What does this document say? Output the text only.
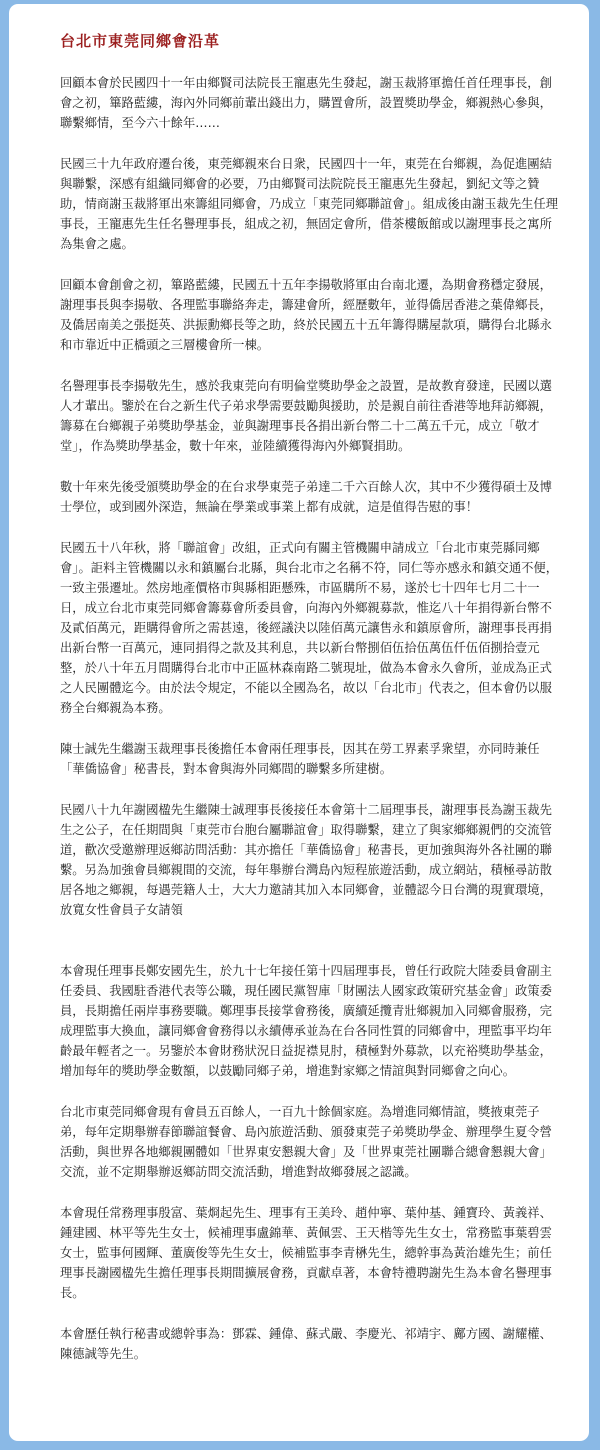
台北市東莞同鄉會沿革

回顧本會於民國四十一年由鄉賢司法院長王寵惠先生發起，謝玉裁將軍擔任首任理事長，創會之初，篳路藍縷，海內外同鄉前輩出錢出力，購置會所，設置獎助學金，鄉親熱心參與，聯繫鄉情，至今六十餘年……

民國三十九年政府遷台後，東莞鄉親來台日衆，民國四十一年，東莞在台鄉親，為促進團結與聯繫，深感有組織同鄉會的必要，乃由鄉賢司法院院長王寵惠先生發起，劉紀文等之贊助，情商謝玉裁將軍出來籌組同鄉會，乃成立「東莞同鄉聯誼會」。組成後由謝玉裁先生任理事長，王寵惠先生任名譽理事長，組成之初，無固定會所，借茶樓飯館或以謝理事長之寓所為集會之處。

回顧本會創會之初，篳路藍縷，民國五十五年李揚敬將軍由台南北遷，為期會務穩定發展，謝理事長與李揚敬、各理監事聯絡奔走，籌建會所，經歷數年，並得僑居香港之葉偉鄉長，及僑居南美之張挺英、洪振勳鄉長等之助，終於民國五十五年籌得購屋款項，購得台北縣永和市靠近中正橋頭之三層樓會所一棟。

名譽理事長李揚敬先生，感於我東莞向有明倫堂獎助學金之設置，是故教育發達，民國以選人才輩出。鑒於在台之新生代子弟求學需要鼓勵與援助，於是親自前往香港等地拜訪鄉親，籌募在台鄉親子弟獎助學基金，並與謝理事長各捐出新台幣二十二萬五千元，成立「敬才堂」，作為獎助學基金，數十年來，並陸續獲得海內外鄉賢捐助。

數十年來先後受頒獎助學金的在台求學東莞子弟達二千六百餘人次，其中不少獲得碩士及博士學位，或到國外深造，無論在學業或事業上都有成就，這是值得告慰的事！

民國五十八年秋，將「聯誼會」改組，正式向有關主管機關申請成立「台北市東莞縣同鄉會」。詎料主管機關以永和鎮屬台北縣，與台北市之名稱不符，同仁等亦感永和鎮交通不便，一致主張遷址。然房地產價格市與縣相距懸殊，市區購所不易，遂於七十四年七月二十一日，成立台北市東莞同鄉會籌募會所委員會，向海內外鄉親募款，惟迄八十年捐得新台幣不及貳佰萬元，距購得會所之需甚遠，後經議決以陸佰萬元讓售永和鎮原會所，謝理事長再捐出新台幣一百萬元，連同捐得之款及其利息，共以新台幣捌佰伍拾伍萬伍仟伍佰捌拾壹元整，於八十年五月間購得台北市中正區林森南路二號現址，做為本會永久會所，並成為正式之人民團體迄今。由於法令規定，不能以全國為名，故以「台北市」代表之，但本會仍以服務全台鄉親為本務。

陳士誠先生繼謝玉裁理事長後擔任本會兩任理事長，因其在勞工界素孚衆望，亦同時兼任「華僑協會」秘書長，對本會與海外同鄉間的聯繫多所建樹。

民國八十九年謝國楹先生繼陳士誠理事長後接任本會第十二屆理事長，謝理事長為謝玉裁先生之公子，在任期間與「東莞市台胞台屬聯誼會」取得聯繫，建立了與家鄉鄉親們的交流管道，歡次受邀辦理返鄉訪問活動：其亦擔任「華僑協會」秘書長，更加強與海外各社團的聯繫。另為加強會員鄉親間的交流，每年舉辦台灣島內短程旅遊活動，成立網站，積極尋訪散居各地之鄉親，每遇莞籍人士，大大力邀請其加入本同鄉會，並體認今日台灣的現實環境，放寬女性會員子女請領

本會現任理事長鄭安國先生，於九十七年接任第十四屆理事長，曾任行政院大陸委員會副主任委員、我國駐香港代表等公職，現任國民黨智庫「財團法人國家政策研究基金會」政策委員，長期擔任兩岸事務要職。鄭理事長接掌會務後，廣續延攬青壯鄉親加入同鄉會服務，完成理監事大換血，讓同鄉會會務得以永續傳承並為在台各同性質的同鄉會中，理監事平均年齡最年輕者之一。另鑒於本會財務狀況日益捉襟見肘，積極對外募款，以充裕獎助學基金，增加每年的獎助學金數額，以鼓勵同鄉子弟，增進對家鄉之情誼與對同鄉會之向心。

台北市東莞同鄉會現有會員五百餘人，一百九十餘個家庭。為增進同鄉情誼，獎掖東莞子弟，每年定期舉辦春節聯誼餐會、島內旅遊活動、頒發東莞子弟獎助學金、辦理學生夏令營活動，與世界各地鄉親團體如「世界東安懇親大會」及「世界東莞社團聯合總會懇親大會」交流，並不定期舉辦返鄉訪問交流活動，增進對故鄉發展之認識。

本會現任常務理事殷富、葉烱起先生、理事有王美玲、趙仲寧、葉仲基、鍾寶玲、黃義祥、鍾建國、林平等先生女士，候補理事盧錦華、黃佩雲、王天楷等先生女士，常務監事葉碧雲女士，監事何國輝、董廣俊等先生女士，候補監事李青楙先生，總幹事為黃治雄先生；前任理事長謝國楹先生擔任理事長期間擴展會務，貢獻卓著，本會特禮聘謝先生為本會名譽理事長。

本會歷任執行秘書或總幹事為：鄧霖、鍾偉、蘇式嚴、李慶光、祁靖宇、鄺方國、謝耀權、陳德誠等先生。
